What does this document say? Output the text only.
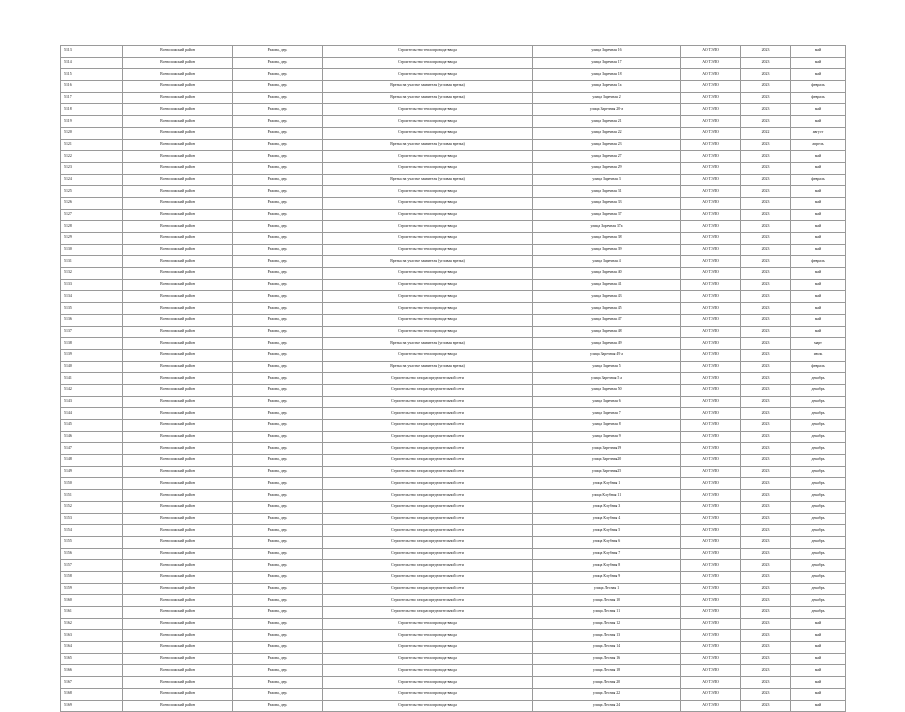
5113	Всеволожский район	Рахова, дер.	Строительство теплопровода-ввода	улица Заречная 16	АО ТЭЛО	2023	май
5114	Всеволожский район	Рахова, дер.	Строительство теплопровода-ввода	улица Заречная 17	АО ТЭЛО	2023	май
5115	Всеволожский район	Рахова, дер.	Строительство теплопровода-ввода	улица Заречная 18	АО ТЭЛО	2023	май
5116	Всеволожский район	Рахова, дер.	Врезка на участке заявителя (угловая врезка)	улица Заречная 1а	АО ТЭЛО	2023	февраль
5117	Всеволожский район	Рахова, дер.	Врезка на участке заявителя (угловая врезка)	улица Заречная 2	АО ТЭЛО	2023	февраль
5118	Всеволожский район	Рахова, дер.	Строительство теплопровода-ввода	улица Заречная 20-а	АО ТЭЛО	2023	май
5119	Всеволожский район	Рахова, дер.	Строительство теплопровода-ввода	улица Заречная 21	АО ТЭЛО	2023	май
5120	Всеволожский район	Рахова, дер.	Строительство теплопровода-ввода	улица Заречная 22	АО ТЭЛО	2022	август
5121	Всеволожский район	Рахова, дер.	Врезка на участке заявителя (угловая врезка)	улица Заречная 23	АО ТЭЛО	2023	апрель
5122	Всеволожский район	Рахова, дер.	Строительство теплопровода-ввода	улица Заречная 27	АО ТЭЛО	2023	май
5123	Всеволожский район	Рахова, дер.	Строительство теплопровода-ввода	улица Заречная 29	АО ТЭЛО	2023	май
5124	Всеволожский район	Рахова, дер.	Врезка на участке заявителя (угловая врезка)	улица Заречная 3	АО ТЭЛО	2023	февраль
5125	Всеволожский район	Рахова, дер.	Строительство теплопровода-ввода	улица Заречная 31	АО ТЭЛО	2023	май
5126	Всеволожский район	Рахова, дер.	Строительство теплопровода-ввода	улица Заречная 33	АО ТЭЛО	2023	май
5127	Всеволожский район	Рахова, дер.	Строительство теплопровода-ввода	улица Заречная 37	АО ТЭЛО	2023	май
5128	Всеволожский район	Рахова, дер.	Строительство теплопровода-ввода	улица Заречная 37а	АО ТЭЛО	2023	май
5129	Всеволожский район	Рахова, дер.	Строительство теплопровода-ввода	улица Заречная 38	АО ТЭЛО	2023	май
5130	Всеволожский район	Рахова, дер.	Строительство теплопровода-ввода	улица Заречная 39	АО ТЭЛО	2023	май
5131	Всеволожский район	Рахова, дер.	Врезка на участке заявителя (угловая врезка)	улица Заречная 4	АО ТЭЛО	2023	февраль
5132	Всеволожский район	Рахова, дер.	Строительство теплопровода-ввода	улица Заречная 40	АО ТЭЛО	2023	май
5133	Всеволожский район	Рахова, дер.	Строительство теплопровода-ввода	улица Заречная 41	АО ТЭЛО	2023	май
5134	Всеволожский район	Рахова, дер.	Строительство теплопровода-ввода	улица Заречная 43	АО ТЭЛО	2023	май
5135	Всеволожский район	Рахова, дер.	Строительство теплопровода-ввода	улица Заречная 45	АО ТЭЛО	2023	май
5136	Всеволожский район	Рахова, дер.	Строительство теплопровода-ввода	улица Заречная 47	АО ТЭЛО	2023	май
5137	Всеволожский район	Рахова, дер.	Строительство теплопровода-ввода	улица Заречная 48	АО ТЭЛО	2023	май
5138	Всеволожский район	Рахова, дер.	Врезка на участке заявителя (угловая врезка)	улица Заречная 49	АО ТЭЛО	2023	март
5139	Всеволожский район	Рахова, дер.	Строительство теплопровода-ввода	улица Заречная 49 а	АО ТЭЛО	2023	июль
5140	Всеволожский район	Рахова, дер.	Врезка на участке заявителя (угловая врезка)	улица Заречная 5	АО ТЭЛО	2023	февраль
5141	Всеволожский район	Рахова, дер.	Строительство газораспределительной сети	улица Заречная 5 а	АО ТЭЛО	2023	декабрь
5142	Всеволожский район	Рахова, дер.	Строительство газораспределительной сети	улица Заречная 50	АО ТЭЛО	2023	декабрь
5143	Всеволожский район	Рахова, дер.	Строительство газораспределительной сети	улица Заречная 6	АО ТЭЛО	2023	декабрь
5144	Всеволожский район	Рахова, дер.	Строительство газораспределительной сети	улица Заречная 7	АО ТЭЛО	2023	декабрь
5145	Всеволожский район	Рахова, дер.	Строительство газораспределительной сети	улица Заречная 8	АО ТЭЛО	2023	декабрь
5146	Всеволожский район	Рахова, дер.	Строительство газораспределительной сети	улица Заречная 9	АО ТЭЛО	2023	декабрь
5147	Всеволожский район	Рахова, дер.	Строительство газораспределительной сети	улица Заречная19	АО ТЭЛО	2023	декабрь
5148	Всеволожский район	Рахова, дер.	Строительство газораспределительной сети	улица Заречная20	АО ТЭЛО	2023	декабрь
5149	Всеволожский район	Рахова, дер.	Строительство газораспределительной сети	улица Заречная25	АО ТЭЛО	2023	декабрь
5150	Всеволожский район	Рахова, дер.	Строительство газораспределительной сети	улица Клубная 1	АО ТЭЛО	2023	декабрь
5151	Всеволожский район	Рахова, дер.	Строительство газораспределительной сети	улица Клубная 11	АО ТЭЛО	2023	декабрь
5152	Всеволожский район	Рахова, дер.	Строительство газораспределительной сети	улица Клубная 3	АО ТЭЛО	2023	декабрь
5153	Всеволожский район	Рахова, дер.	Строительство газораспределительной сети	улица Клубная 4	АО ТЭЛО	2023	декабрь
5154	Всеволожский район	Рахова, дер.	Строительство газораспределительной сети	улица Клубная 5	АО ТЭЛО	2023	декабрь
5155	Всеволожский район	Рахова, дер.	Строительство газораспределительной сети	улица Клубная 6	АО ТЭЛО	2023	декабрь
5156	Всеволожский район	Рахова, дер.	Строительство газораспределительной сети	улица Клубная 7	АО ТЭЛО	2023	декабрь
5157	Всеволожский район	Рахова, дер.	Строительство газораспределительной сети	улица Клубная 8	АО ТЭЛО	2023	декабрь
5158	Всеволожский район	Рахова, дер.	Строительство газораспределительной сети	улица Клубная 9	АО ТЭЛО	2023	декабрь
5159	Всеволожский район	Рахова, дер.	Строительство газораспределительной сети	улица Лесная 1	АО ТЭЛО	2023	декабрь
5160	Всеволожский район	Рахова, дер.	Строительство газораспределительной сети	улица Лесная 10	АО ТЭЛО	2023	декабрь
5161	Всеволожский район	Рахова, дер.	Строительство газораспределительной сети	улица Лесная 11	АО ТЭЛО	2023	декабрь
5162	Всеволожский район	Рахова, дер.	Строительство теплопровода-ввода	улица Лесная 12	АО ТЭЛО	2023	май
5163	Всеволожский район	Рахова, дер.	Строительство теплопровода-ввода	улица Лесная 13	АО ТЭЛО	2023	май
5164	Всеволожский район	Рахова, дер.	Строительство теплопровода-ввода	улица Лесная 14	АО ТЭЛО	2023	май
5165	Всеволожский район	Рахова, дер.	Строительство теплопровода-ввода	улица Лесная 16	АО ТЭЛО	2023	май
5166	Всеволожский район	Рахова, дер.	Строительство теплопровода-ввода	улица Лесная 18	АО ТЭЛО	2023	май
5167	Всеволожский район	Рахова, дер.	Строительство теплопровода-ввода	улица Лесная 20	АО ТЭЛО	2023	май
5168	Всеволожский район	Рахова, дер.	Строительство теплопровода-ввода	улица Лесная 22	АО ТЭЛО	2023	май
5169	Всеволожский район	Рахова, дер.	Строительство теплопровода-ввода	улица Лесная 24	АО ТЭЛО	2023	май
